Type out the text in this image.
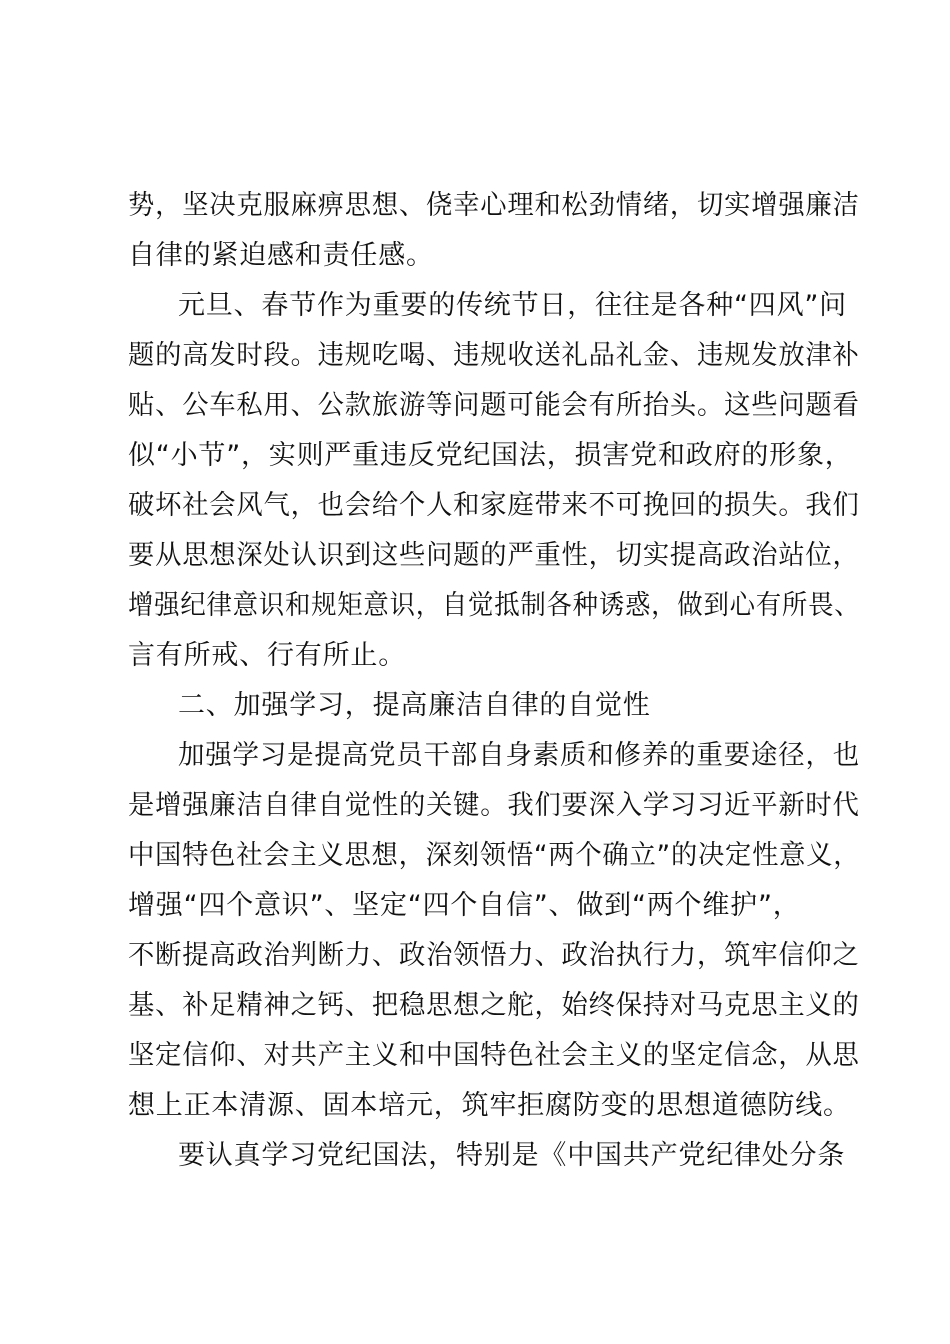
势，坚决克服麻痹思想、侥幸心理和松劲情绪，切实增强廉洁
自律的紧迫感和责任感。
元旦、春节作为重要的传统节日，往往是各种“四风”问
题的高发时段。违规吃喝、违规收送礼品礼金、违规发放津补
贴、公车私用、公款旅游等问题可能会有所抬头。这些问题看
似“小节”，实则严重违反党纪国法，损害党和政府的形象，
破坏社会风气，也会给个人和家庭带来不可挽回的损失。我们
要从思想深处认识到这些问题的严重性，切实提高政治站位，
增强纪律意识和规矩意识，自觉抵制各种诱惑，做到心有所畏、
言有所戒、行有所止。
二、加强学习，提高廉洁自律的自觉性
加强学习是提高党员干部自身素质和修养的重要途径，也
是增强廉洁自律自觉性的关键。我们要深入学习习近平新时代
中国特色社会主义思想，深刻领悟“两个确立”的决定性意义，
增强“四个意识”、坚定“四个自信”、做到“两个维护”，
不断提高政治判断力、政治领悟力、政治执行力，筑牢信仰之
基、补足精神之钙、把稳思想之舵，始终保持对马克思主义的
坚定信仰、对共产主义和中国特色社会主义的坚定信念，从思
想上正本清源、固本培元，筑牢拒腐防变的思想道德防线。
要认真学习党纪国法，特别是《中国共产党纪律处分条
